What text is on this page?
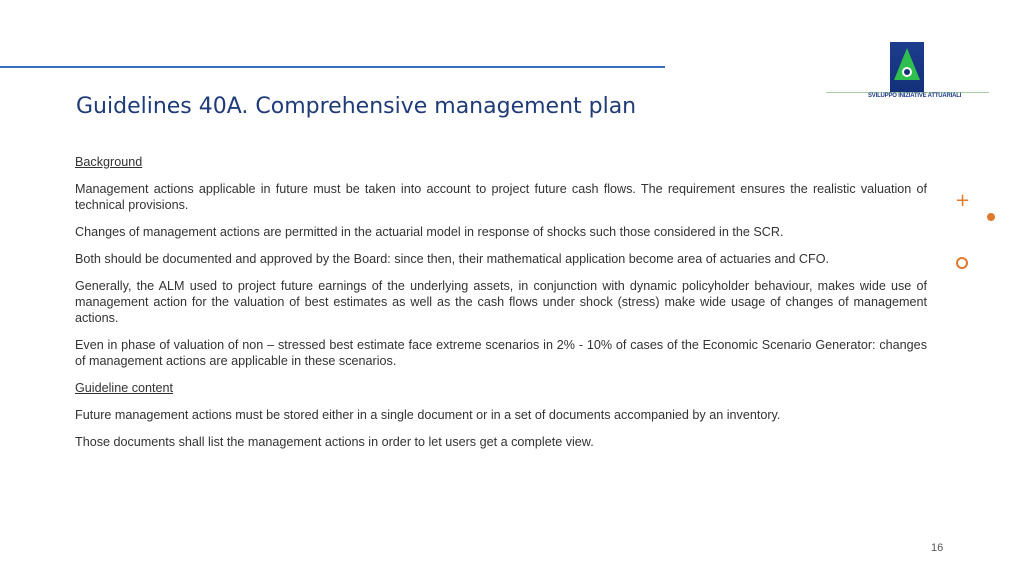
Guidelines 40A. Comprehensive management plan
S.I.A.
SVILUPPO INIZIATIVE ATTUARIALI

Background

Management actions applicable in future must be taken into account to project future cash flows. The requirement ensures the realistic valuation of technical provisions.

Changes of management actions are permitted in the actuarial model in response of shocks such those considered in the SCR.

Both should be documented and approved by the Board: since then, their mathematical application become area of actuaries and CFO.

Generally, the ALM used to project future earnings of the underlying assets, in conjunction with dynamic policyholder behaviour, makes wide use of management action for the valuation of best estimates as well as the cash flows under shock (stress) make wide usage of changes of management actions.

Even in phase of valuation of non – stressed best estimate face extreme scenarios in 2% - 10% of cases of the Economic Scenario Generator: changes of management actions are applicable in these scenarios.

Guideline content

Future management actions must be stored either in a single document or in a set of documents accompanied by an inventory.

Those documents shall list the management actions in order to let users get a complete view.

+
16
